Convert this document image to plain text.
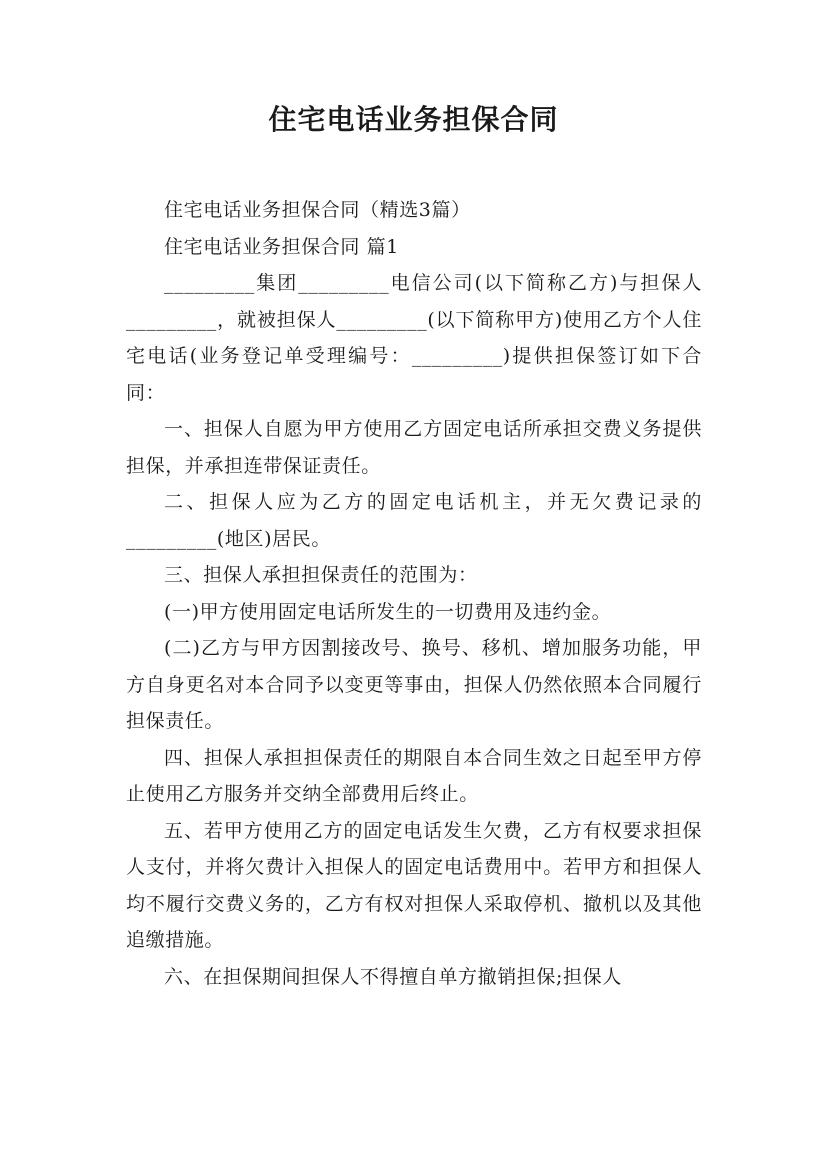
住宅电话业务担保合同

住宅电话业务担保合同（精选3篇）

住宅电话业务担保合同 篇1

_________集团_________电信公司(以下简称乙方)与担保人_________，就被担保人_________(以下简称甲方)使用乙方个人住宅电话(业务登记单受理编号：_________)提供担保签订如下合同：

一、担保人自愿为甲方使用乙方固定电话所承担交费义务提供担保，并承担连带保证责任。

二、担保人应为乙方的固定电话机主，并无欠费记录的_________(地区)居民。

三、担保人承担担保责任的范围为：

(一)甲方使用固定电话所发生的一切费用及违约金。

(二)乙方与甲方因割接改号、换号、移机、增加服务功能，甲方自身更名对本合同予以变更等事由，担保人仍然依照本合同履行担保责任。

四、担保人承担担保责任的期限自本合同生效之日起至甲方停止使用乙方服务并交纳全部费用后终止。

五、若甲方使用乙方的固定电话发生欠费，乙方有权要求担保人支付，并将欠费计入担保人的固定电话费用中。若甲方和担保人均不履行交费义务的，乙方有权对担保人采取停机、撤机以及其他追缴措施。

六、在担保期间担保人不得擅自单方撤销担保;担保人
